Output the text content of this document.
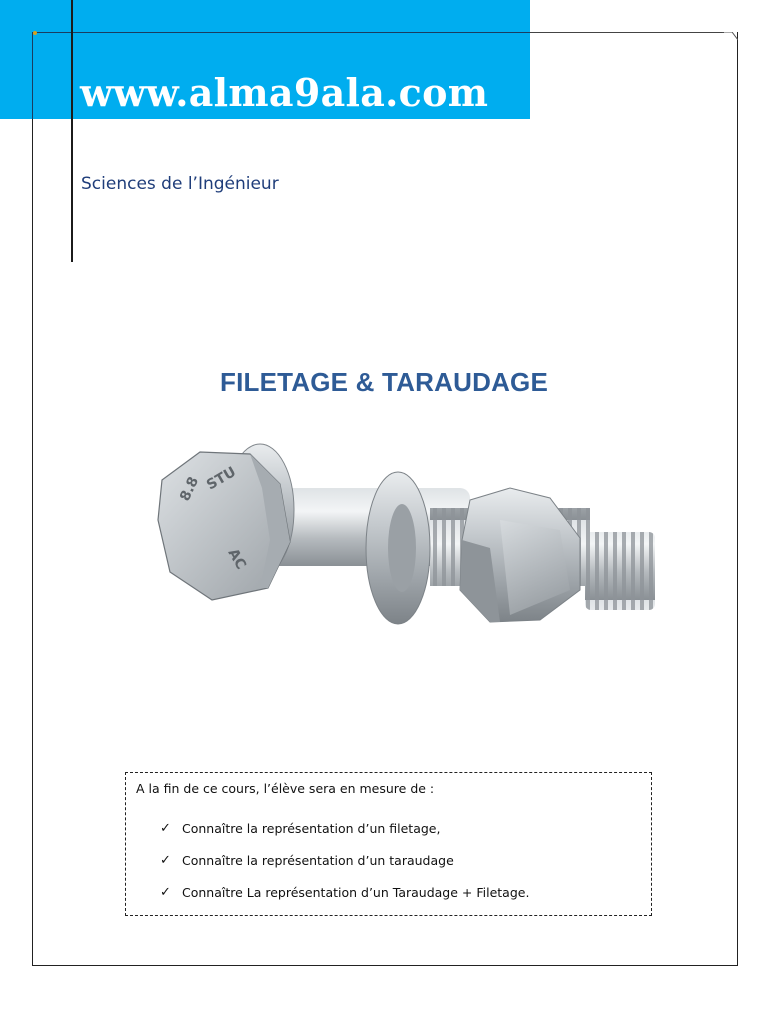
www.alma9ala.com
Sciences de l’Ingénieur
FILETAGE & TARAUDAGE
8.8 STU
AC
A la fin de ce cours, l’élève sera en mesure de :
✓ Connaître la représentation d’un filetage,
✓ Connaître la représentation d’un taraudage
✓ Connaître La représentation d’un Taraudage + Filetage.
